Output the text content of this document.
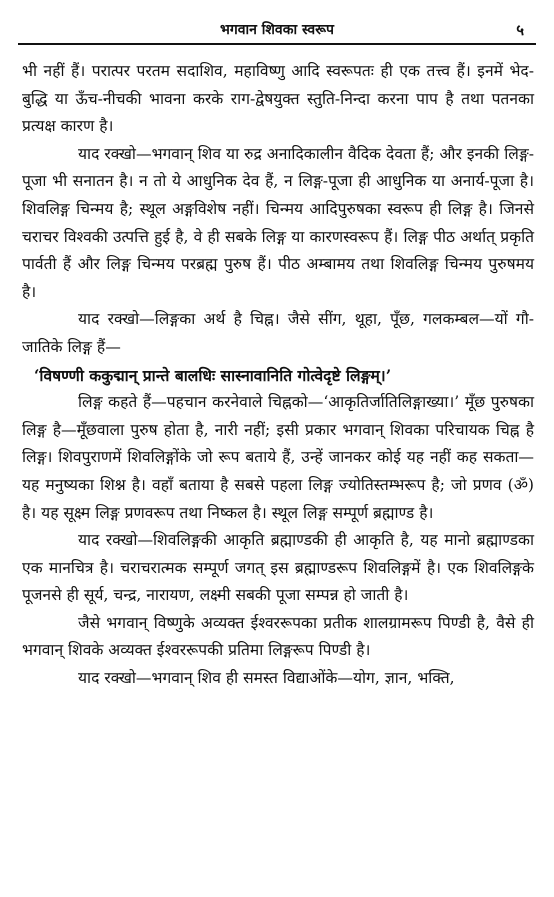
भगवान शिवका स्वरूप	५

भी नहीं हैं। परात्पर परतम सदाशिव, महाविष्णु आदि स्वरूपतः ही एक तत्त्व हैं। इनमें भेद-बुद्धि या ऊँच-नीचकी भावना करके राग-द्वेषयुक्त स्तुति-निन्दा करना पाप है तथा पतनका प्रत्यक्ष कारण है।

याद रक्खो—भगवान् शिव या रुद्र अनादिकालीन वैदिक देवता हैं; और इनकी लिङ्ग-पूजा भी सनातन है। न तो ये आधुनिक देव हैं, न लिङ्ग-पूजा ही आधुनिक या अनार्य-पूजा है। शिवलिङ्ग चिन्मय है; स्थूल अङ्गविशेष नहीं। चिन्मय आदिपुरुषका स्वरूप ही लिङ्ग है। जिनसे चराचर विश्वकी उत्पत्ति हुई है, वे ही सबके लिङ्ग या कारणस्वरूप हैं। लिङ्ग पीठ अर्थात् प्रकृति पार्वती हैं और लिङ्ग चिन्मय परब्रह्म पुरुष हैं। पीठ अम्बामय तथा शिवलिङ्ग चिन्मय पुरुषमय है।

याद रक्खो—लिङ्गका अर्थ है चिह्न। जैसे सींग, थूहा, पूँछ, गलकम्बल—यों गौ-जातिके लिङ्ग हैं—

‘विषण्णी ककुद्मान् प्रान्ते बालधिः सास्नावानिति गोत्वेदृष्टे लिङ्गम्।’

लिङ्ग कहते हैं—पहचान करनेवाले चिह्नको—‘आकृतिर्जातिलिङ्गाख्या।’ मूँछ पुरुषका लिङ्ग है—मूँछवाला पुरुष होता है, नारी नहीं; इसी प्रकार भगवान् शिवका परिचायक चिह्न है लिङ्ग। शिवपुराणमें शिवलिङ्गोंके जो रूप बताये हैं, उन्हें जानकर कोई यह नहीं कह सकता—यह मनुष्यका शिश्न है। वहाँ बताया है सबसे पहला लिङ्ग ज्योतिस्तम्भरूप है; जो प्रणव (ॐ) है। यह सूक्ष्म लिङ्ग प्रणवरूप तथा निष्कल है। स्थूल लिङ्ग सम्पूर्ण ब्रह्माण्ड है।

याद रक्खो—शिवलिङ्गकी आकृति ब्रह्माण्डकी ही आकृति है, यह मानो ब्रह्माण्डका एक मानचित्र है। चराचरात्मक सम्पूर्ण जगत् इस ब्रह्माण्डरूप शिवलिङ्गमें है। एक शिवलिङ्गके पूजनसे ही सूर्य, चन्द्र, नारायण, लक्ष्मी सबकी पूजा सम्पन्न हो जाती है।

जैसे भगवान् विष्णुके अव्यक्त ईश्वररूपका प्रतीक शालग्रामरूप पिण्डी है, वैसे ही भगवान् शिवके अव्यक्त ईश्वररूपकी प्रतिमा लिङ्गरूप पिण्डी है।

याद रक्खो—भगवान् शिव ही समस्त विद्याओंके—योग, ज्ञान, भक्ति,
